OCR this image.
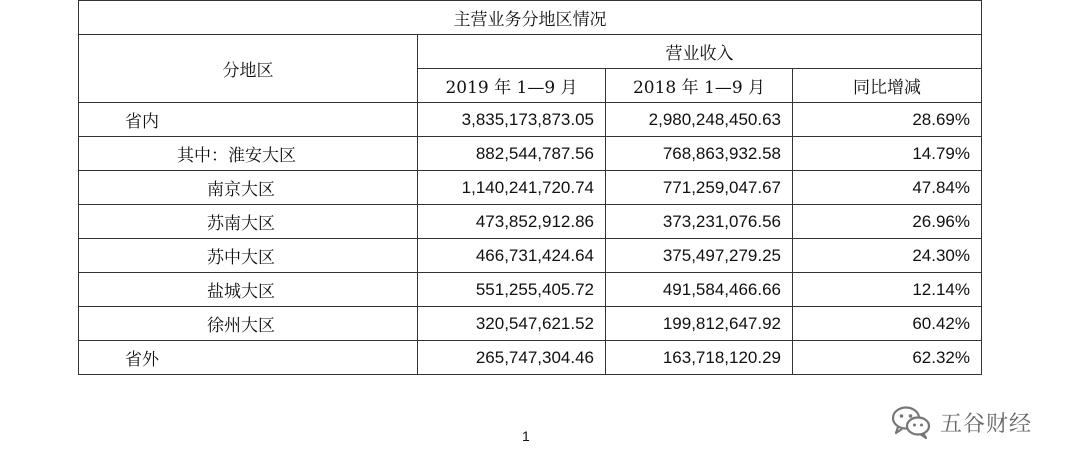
主营业务分地区情况			
分地区	营业收入		
	2019 年 1—9 月	2018 年 1—9 月	同比增减
省内	3,835,173,873.05	2,980,248,450.63	28.69%
其中：淮安大区	882,544,787.56	768,863,932.58	14.79%
南京大区	1,140,241,720.74	771,259,047.67	47.84%
苏南大区	473,852,912.86	373,231,076.56	26.96%
苏中大区	466,731,424.64	375,497,279.25	24.30%
盐城大区	551,255,405.72	491,584,466.66	12.14%
徐州大区	320,547,621.52	199,812,647.92	60.42%
省外	265,747,304.46	163,718,120.29	62.32%
1	五谷财经
